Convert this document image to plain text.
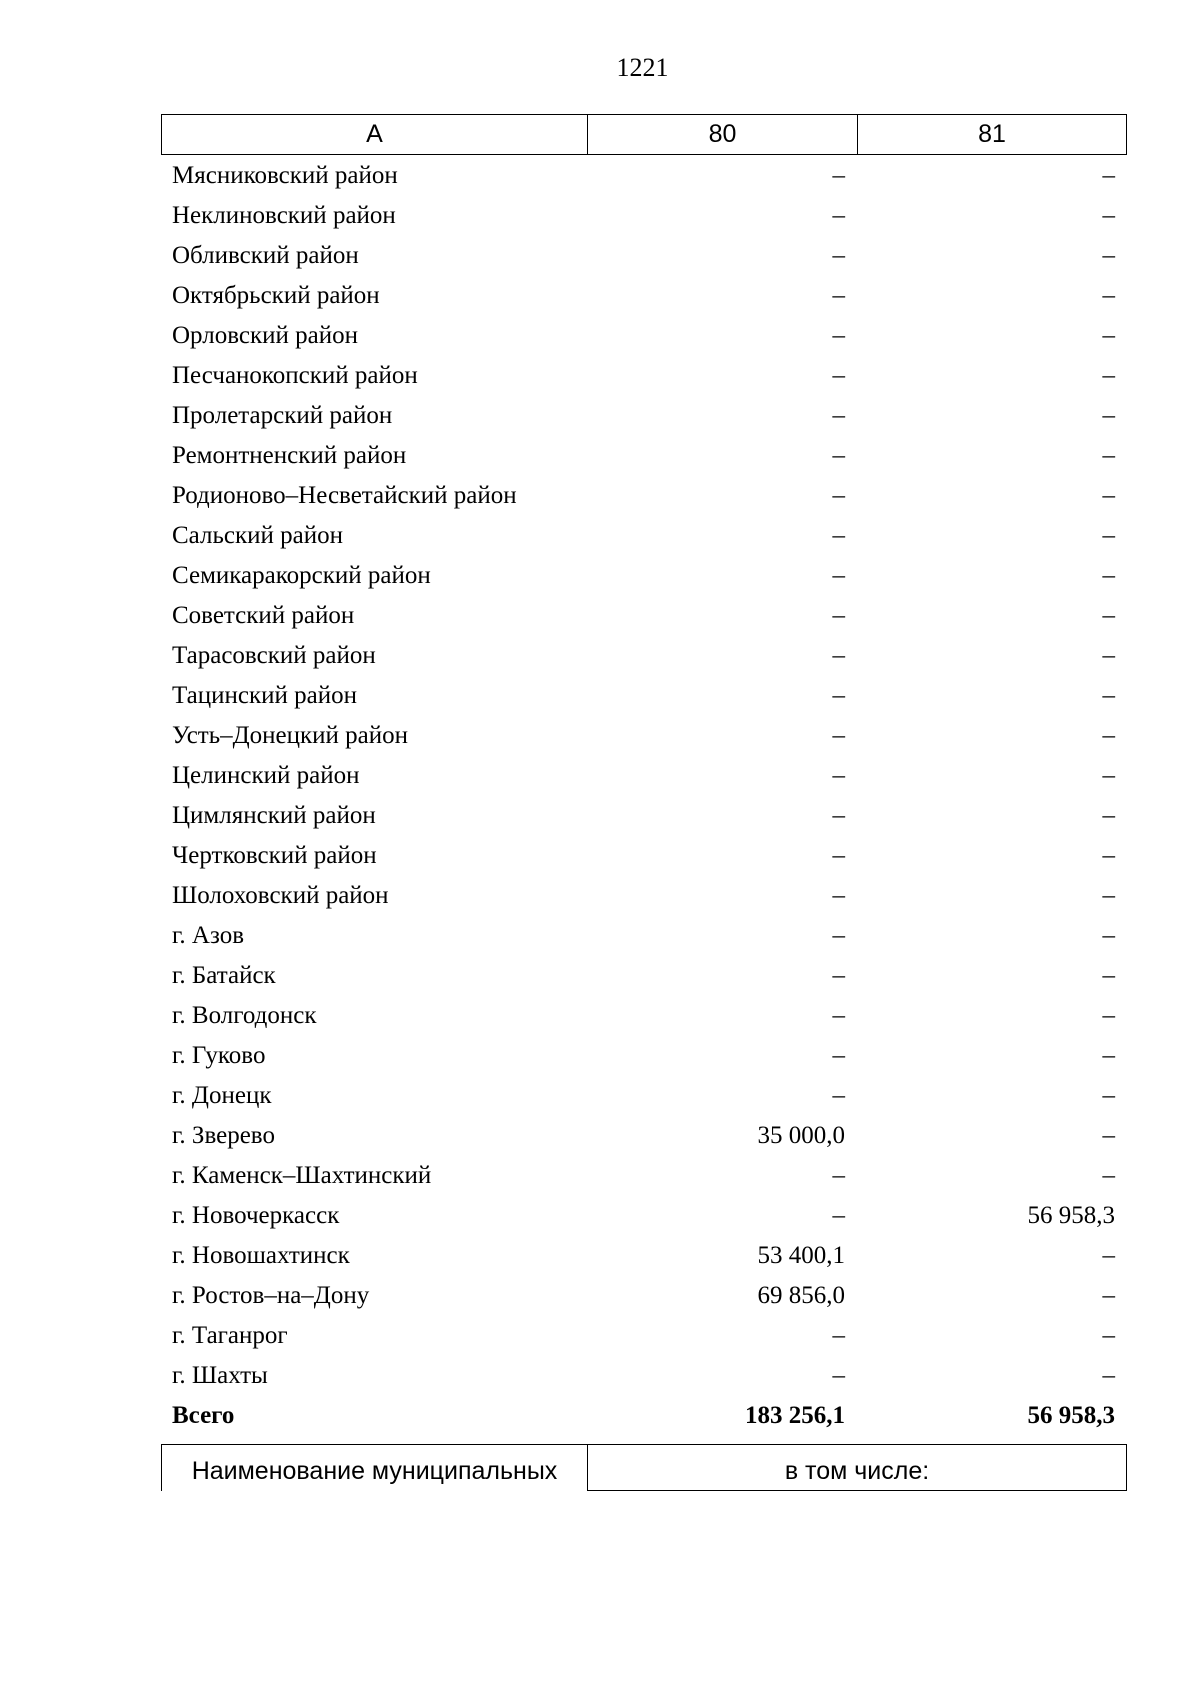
1221
А	80	81
Мясниковский район	–	–
Неклиновский район	–	–
Обливский район	–	–
Октябрьский район	–	–
Орловский район	–	–
Песчанокопский район	–	–
Пролетарский район	–	–
Ремонтненский район	–	–
Родионово–Несветайский район	–	–
Сальский район	–	–
Семикаракорский район	–	–
Советский район	–	–
Тарасовский район	–	–
Тацинский район	–	–
Усть–Донецкий район	–	–
Целинский район	–	–
Цимлянский район	–	–
Чертковский район	–	–
Шолоховский район	–	–
г. Азов	–	–
г. Батайск	–	–
г. Волгодонск	–	–
г. Гуково	–	–
г. Донецк	–	–
г. Зверево	35 000,0	–
г. Каменск–Шахтинский	–	–
г. Новочеркасск	–	56 958,3
г. Новошахтинск	53 400,1	–
г. Ростов–на–Дону	69 856,0	–
г. Таганрог	–	–
г. Шахты	–	–
Всего	183 256,1	56 958,3
Наименование муниципальных	в том числе:
